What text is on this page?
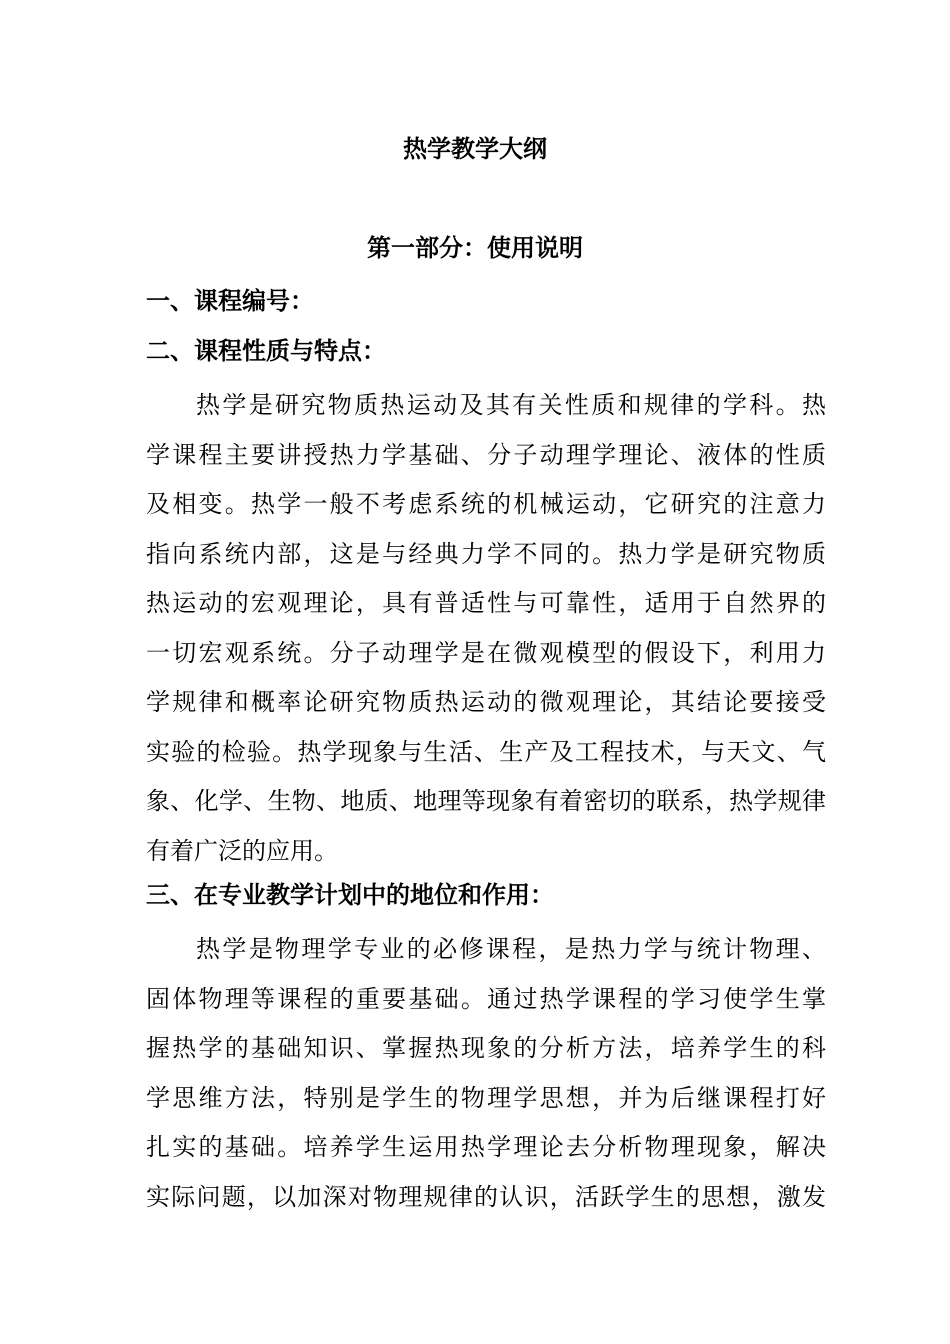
热学教学大纲
第一部分：使用说明
一、课程编号：
二、课程性质与特点：
热学是研究物质热运动及其有关性质和规律的学科。热
学课程主要讲授热力学基础、分子动理学理论、液体的性质
及相变。热学一般不考虑系统的机械运动，它研究的注意力
指向系统内部，这是与经典力学不同的。热力学是研究物质
热运动的宏观理论，具有普适性与可靠性，适用于自然界的
一切宏观系统。分子动理学是在微观模型的假设下，利用力
学规律和概率论研究物质热运动的微观理论，其结论要接受
实验的检验。热学现象与生活、生产及工程技术，与天文、气
象、化学、生物、地质、地理等现象有着密切的联系，热学规律
有着广泛的应用。
三、在专业教学计划中的地位和作用：
热学是物理学专业的必修课程，是热力学与统计物理、
固体物理等课程的重要基础。通过热学课程的学习使学生掌
握热学的基础知识、掌握热现象的分析方法，培养学生的科
学思维方法，特别是学生的物理学思想，并为后继课程打好
扎实的基础。培养学生运用热学理论去分析物理现象，解决
实际问题，以加深对物理规律的认识，活跃学生的思想，激发
